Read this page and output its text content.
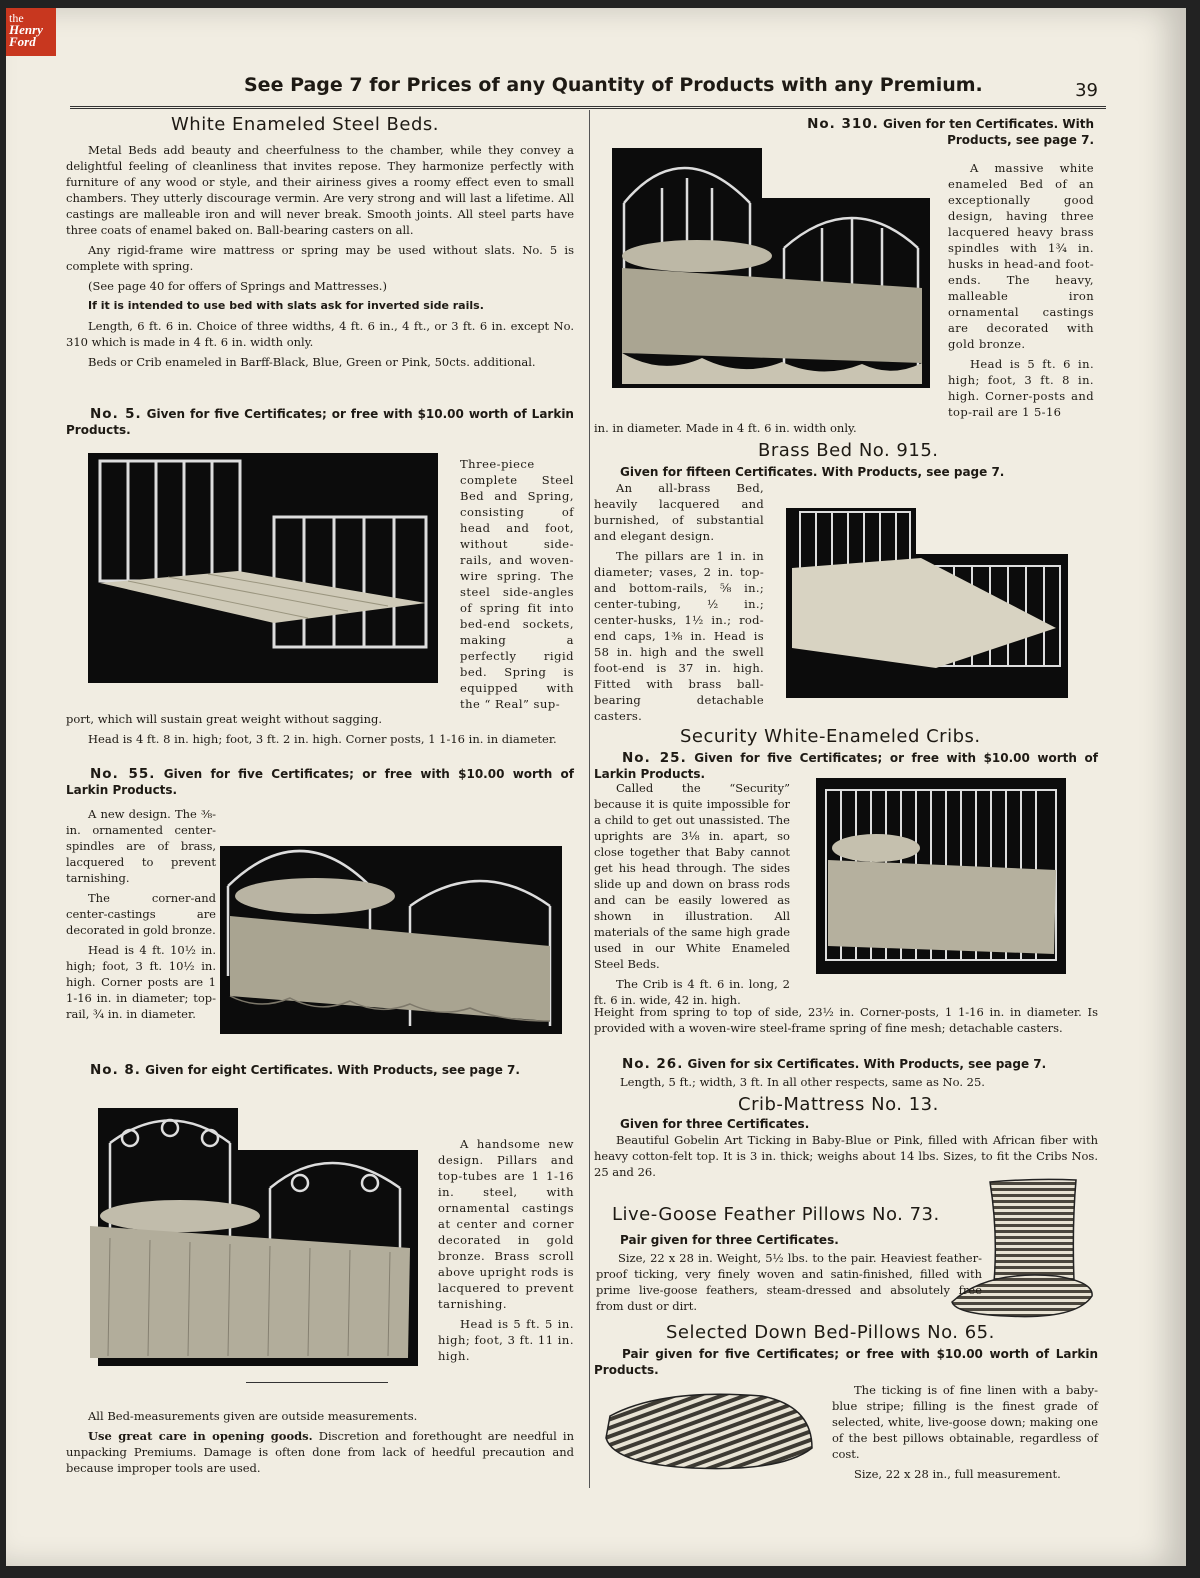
the
Henry Ford
See Page 7 for Prices of any Quantity of Products with any Premium.	39
White Enameled Steel Beds.

Metal Beds add beauty and cheerfulness to the chamber, while they convey a delightful feeling of cleanliness that invites repose. They harmonize perfectly with furniture of any wood or style, and their airiness gives a roomy effect even to small chambers. They utterly discourage vermin. Are very strong and will last a lifetime. All castings are malleable iron and will never break. Smooth joints. All steel parts have three coats of enamel baked on. Ball-bearing casters on all.

Any rigid-frame wire mattress or spring may be used without slats. No. 5 is complete with spring.

(See page 40 for offers of Springs and Mattresses.)

If it is intended to use bed with slats ask for inverted side rails.

Length, 6 ft. 6 in. Choice of three widths, 4 ft. 6 in., 4 ft., or 3 ft. 6 in. except No. 310 which is made in 4 ft. 6 in. width only.

Beds or Crib enameled in Barff-Black, Blue, Green or Pink, 50cts. additional.

No. 5. Given for five Certificates; or free with $10.00 worth of Larkin Products.
Three-piece complete Steel Bed and Spring, consisting of head and foot, without side-rails, and woven-wire spring. The steel side-angles of spring fit into bed-end sockets, making a perfectly rigid bed. Spring is equipped with the “ Real” sup-

port, which will sustain great weight without sagging.

Head is 4 ft. 8 in. high; foot, 3 ft. 2 in. high. Corner posts, 1 1-16 in. in diameter.

No. 55. Given for five Certificates; or free with $10.00 worth of Larkin Products.

A new design. The ⅜-in. ornamented center-spindles are of brass, lacquered to prevent tarnishing.

The corner-and center-castings are decorated in gold bronze.

Head is 4 ft. 10½ in. high; foot, 3 ft. 10½ in. high. Corner posts are 1 1-16 in. in diameter; top-rail, ¾ in. in diameter.

No. 8. Given for eight Certificates. With Products, see page 7.

A handsome new design. Pillars and top-tubes are 1 1-16 in. steel, with ornamental castings at center and corner decorated in gold bronze. Brass scroll above upright rods is lacquered to prevent tarnishing.

Head is 5 ft. 5 in. high; foot, 3 ft. 11 in. high.

All Bed-measurements given are outside measurements.

Use great care in opening goods. Discretion and forethought are needful in unpacking Premiums. Damage is often done from lack of heedful precaution and because improper tools are used.

No. 310. Given for ten Certificates. With Products, see page 7.

A massive white enameled Bed of an exceptionally good design, having three lacquered heavy brass spindles with 1¾ in. husks in head-and foot-ends. The heavy, malleable iron ornamental castings are decorated with gold bronze.

Head is 5 ft. 6 in. high; foot, 3 ft. 8 in. high. Corner-posts and top-rail are 1 5-16

in. in diameter. Made in 4 ft. 6 in. width only.
Brass Bed No. 915.
Given for fifteen Certificates. With Products, see page 7.

An all-brass Bed, heavily lacquered and burnished, of substantial and elegant design.

The pillars are 1 in. in diameter; vases, 2 in. top-and bottom-rails, ⅝ in.; center-tubing, ½ in.; center-husks, 1½ in.; rod-end caps, 1⅜ in. Head is 58 in. high and the swell foot-end is 37 in. high. Fitted with brass ball-bearing detachable casters.

Security White-Enameled Cribs.
No. 25. Given for five Certificates; or free with $10.00 worth of Larkin Products.

Called the “Security” because it is quite impossible for a child to get out unassisted. The uprights are 3⅛ in. apart, so close together that Baby cannot get his head through. The sides slide up and down on brass rods and can be easily lowered as shown in illustration. All materials of the same high grade used in our White Enameled Steel Beds.

The Crib is 4 ft. 6 in. long, 2 ft. 6 in. wide, 42 in. high.

Height from spring to top of side, 23½ in. Corner-posts, 1 1-16 in. in diameter. Is provided with a woven-wire steel-frame spring of fine mesh; detachable casters.
No. 26. Given for six Certificates. With Products, see page 7.
Length, 5 ft.; width, 3 ft. In all other respects, same as No. 25.
Crib-Mattress No. 13.
Given for three Certificates.

Beautiful Gobelin Art Ticking in Baby-Blue or Pink, filled with African fiber with heavy cotton-felt top. It is 3 in. thick; weighs about 14 lbs. Sizes, to fit the Cribs Nos. 25 and 26.

Live-Goose Feather Pillows No. 73.
Pair given for three Certificates.

Size, 22 x 28 in. Weight, 5½ lbs. to the pair. Heaviest feather-proof ticking, very finely woven and satin-finished, filled with prime live-goose feathers, steam-dressed and absolutely free from dust or dirt.

Selected Down Bed-Pillows No. 65.
Pair given for five Certificates; or free with $10.00 worth of Larkin Products.

The ticking is of fine linen with a baby-blue stripe; filling is the finest grade of selected, white, live-goose down; making one of the best pillows obtainable, regardless of cost.

Size, 22 x 28 in., full measurement.
